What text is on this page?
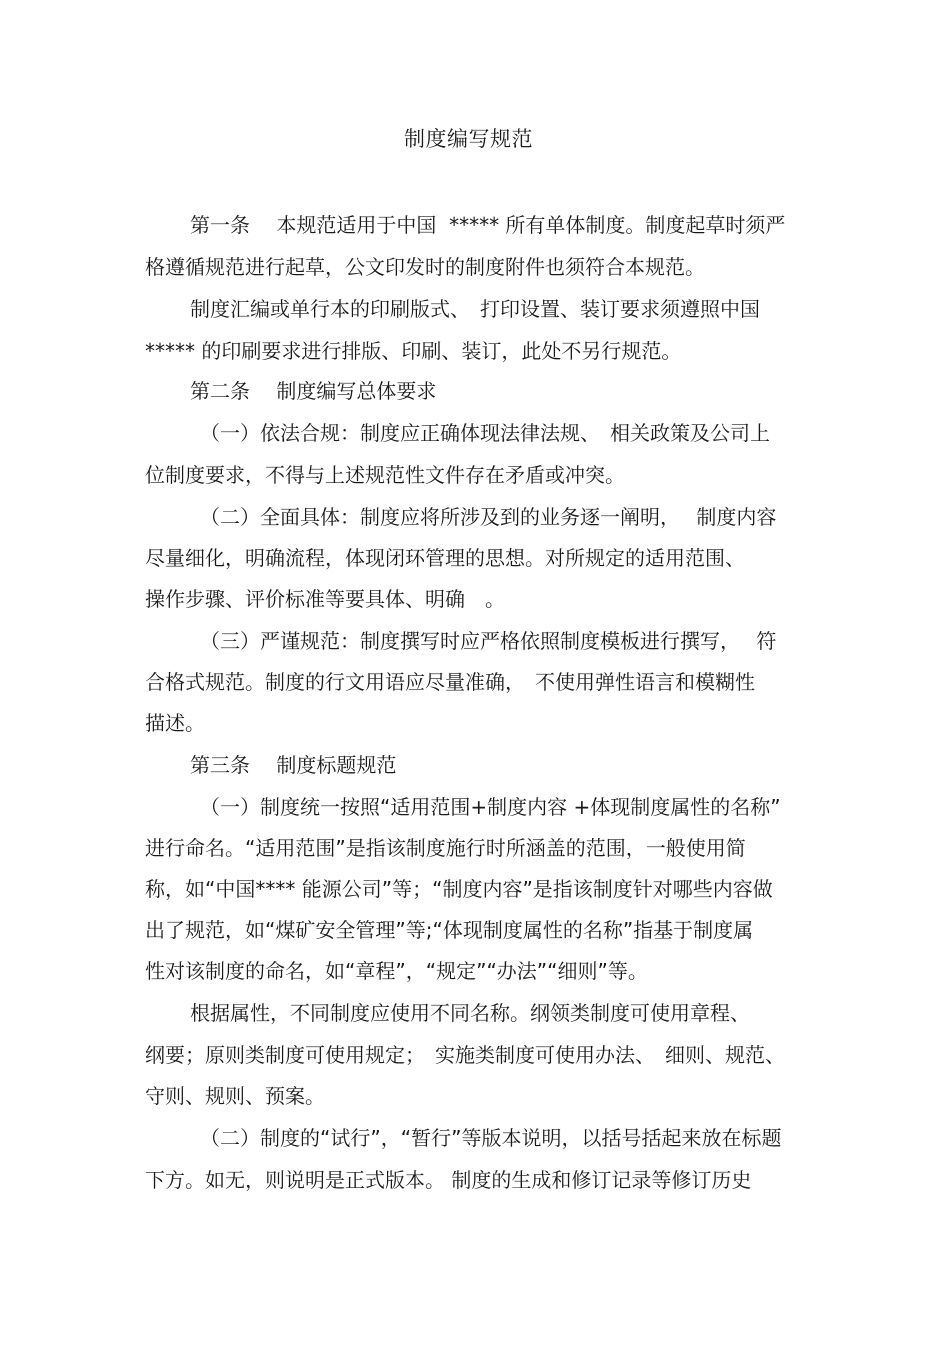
制度编写规范
第一条　 本规范适用于中国  ***** 所有单体制度。制度起草时须严
格遵循规范进行起草，公文印发时的制度附件也须符合本规范。
制度汇编或单行本的印刷版式、　打印设置、装订要求须遵照中国
***** 的印刷要求进行排版、印刷、装订，此处不另行规范。
第二条　 制度编写总体要求
（一）依法合规：制度应正确体现法律法规、　相关政策及公司上
位制度要求，不得与上述规范性文件存在矛盾或冲突。
（二）全面具体：制度应将所涉及到的业务逐一阐明，　 制度内容
尽量细化，明确流程，体现闭环管理的思想。对所规定的适用范围、
操作步骤、评价标准等要具体、明确　。
（三）严谨规范：制度撰写时应严格依照制度模板进行撰写，　 符
合格式规范。制度的行文用语应尽量准确，　不使用弹性语言和模糊性
描述。
第三条　 制度标题规范
（一）制度统一按照“适用范围+制度内容 +体现制度属性的名称”
进行命名。“适用范围”是指该制度施行时所涵盖的范围，一般使用简
称，如“中国**** 能源公司”等；“制度内容”是指该制度针对哪些内容做
出了规范，如“煤矿安全管理”等;“体现制度属性的名称”指基于制度属
性对该制度的命名，如“章程”，“规定”“办法”“细则”等。
根据属性，不同制度应使用不同名称。纲领类制度可使用章程、
纲要；原则类制度可使用规定；　实施类制度可使用办法、　细则、规范、
守则、规则、预案。
（二）制度的“试行”，“暂行”等版本说明，以括号括起来放在标题
下方。如无，则说明是正式版本。 制度的生成和修订记录等修订历史
